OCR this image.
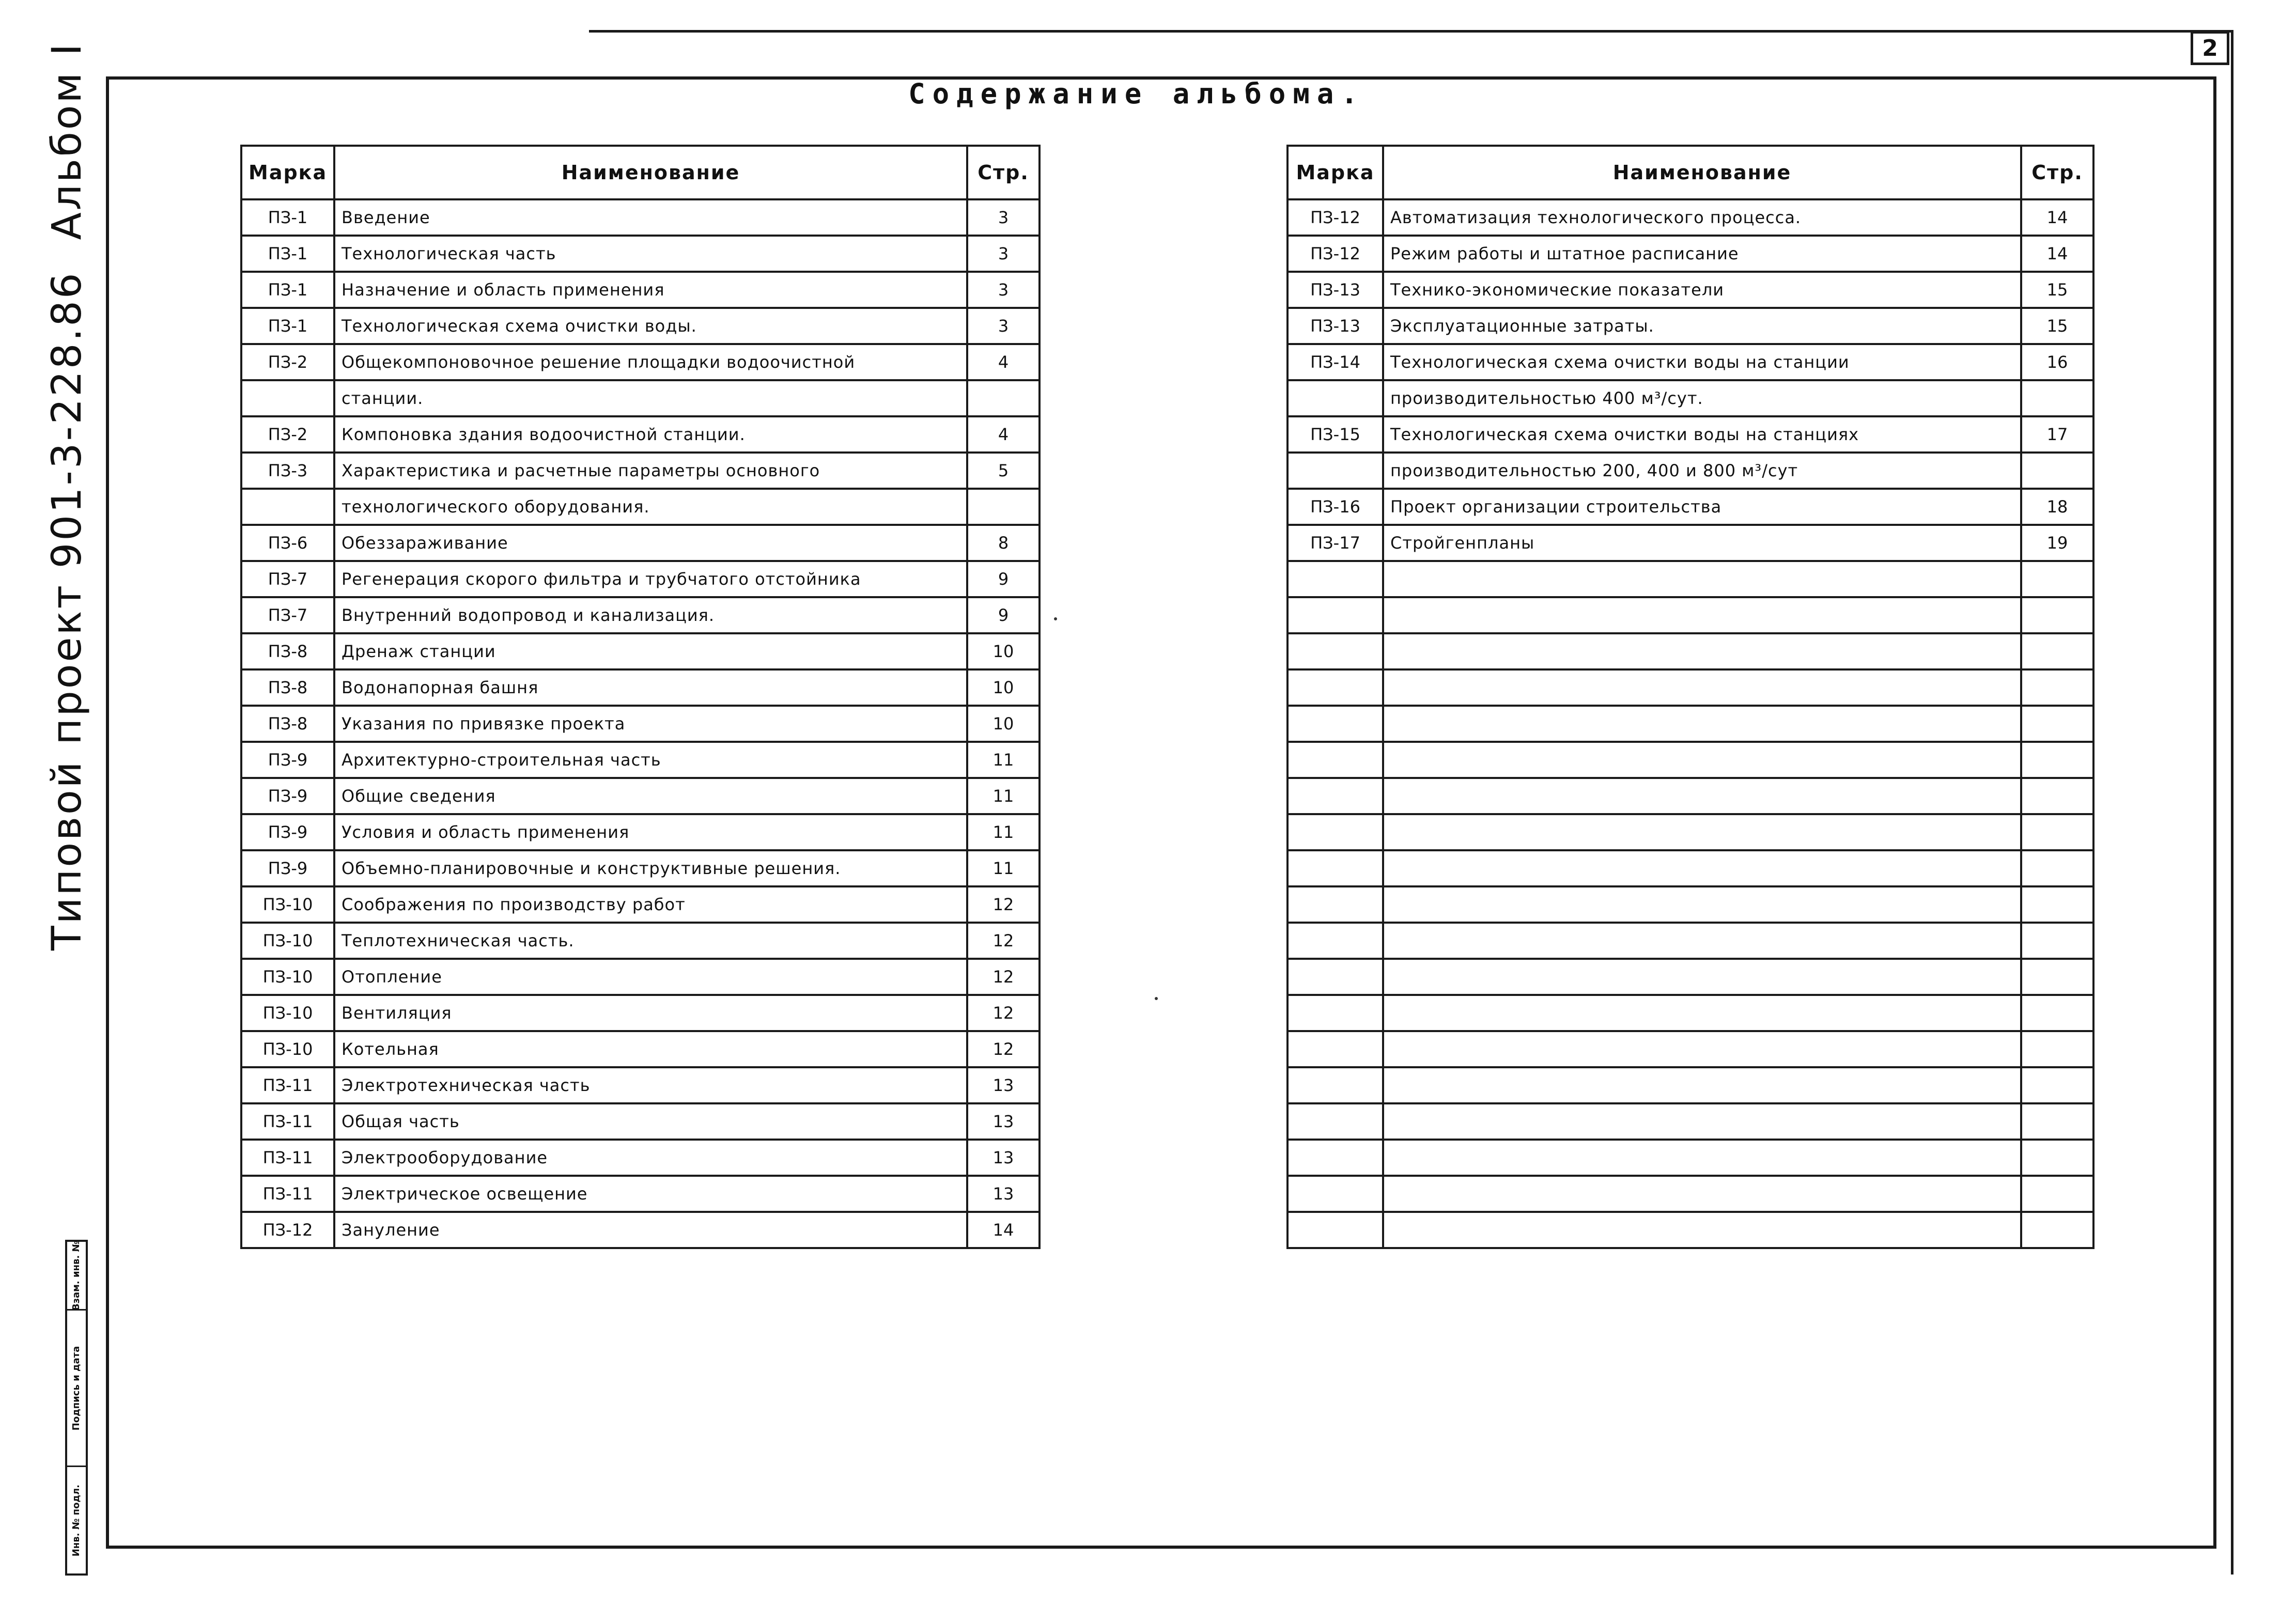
2
Содержание альбома.
Типовой проект 901-3-228.86
Альбом I
Взам. инв. №
Подпись и дата
Инв. № подл.
Марка	Наименование	Стр.
ПЗ-1	Введение	3
ПЗ-1	Технологическая часть	3
ПЗ-1	Назначение и область применения	3
ПЗ-1	Технологическая схема очистки воды.	3
ПЗ-2	Общекомпоновочное решение площадки водоочистной	4
	станции.	
ПЗ-2	Компоновка здания водоочистной станции.	4
ПЗ-3	Характеристика и расчетные параметры основного	5
	технологического оборудования.	
ПЗ-6	Обеззараживание	8
ПЗ-7	Регенерация скорого фильтра и трубчатого отстойника	9
ПЗ-7	Внутренний водопровод и канализация.	9
ПЗ-8	Дренаж станции	10
ПЗ-8	Водонапорная башня	10
ПЗ-8	Указания по привязке проекта	10
ПЗ-9	Архитектурно-строительная часть	11
ПЗ-9	Общие сведения	11
ПЗ-9	Условия и область применения	11
ПЗ-9	Объемно-планировочные и конструктивные решения.	11
ПЗ-10	Соображения по производству работ	12
ПЗ-10	Теплотехническая часть.	12
ПЗ-10	Отопление	12
ПЗ-10	Вентиляция	12
ПЗ-10	Котельная	12
ПЗ-11	Электротехническая часть	13
ПЗ-11	Общая часть	13
ПЗ-11	Электрооборудование	13
ПЗ-11	Электрическое освещение	13
ПЗ-12	Зануление	14
Марка	Наименование	Стр.
ПЗ-12	Автоматизация технологического процесса.	14
ПЗ-12	Режим работы и штатное расписание	14
ПЗ-13	Технико-экономические показатели	15
ПЗ-13	Эксплуатационные затраты.	15
ПЗ-14	Технологическая схема очистки воды на станции	16
	производительностью 400 м³/сут.	
ПЗ-15	Технологическая схема очистки воды на станциях	17
	производительностью 200, 400 и 800 м³/сут	
ПЗ-16	Проект организации строительства	18
ПЗ-17	Стройгенпланы	19
